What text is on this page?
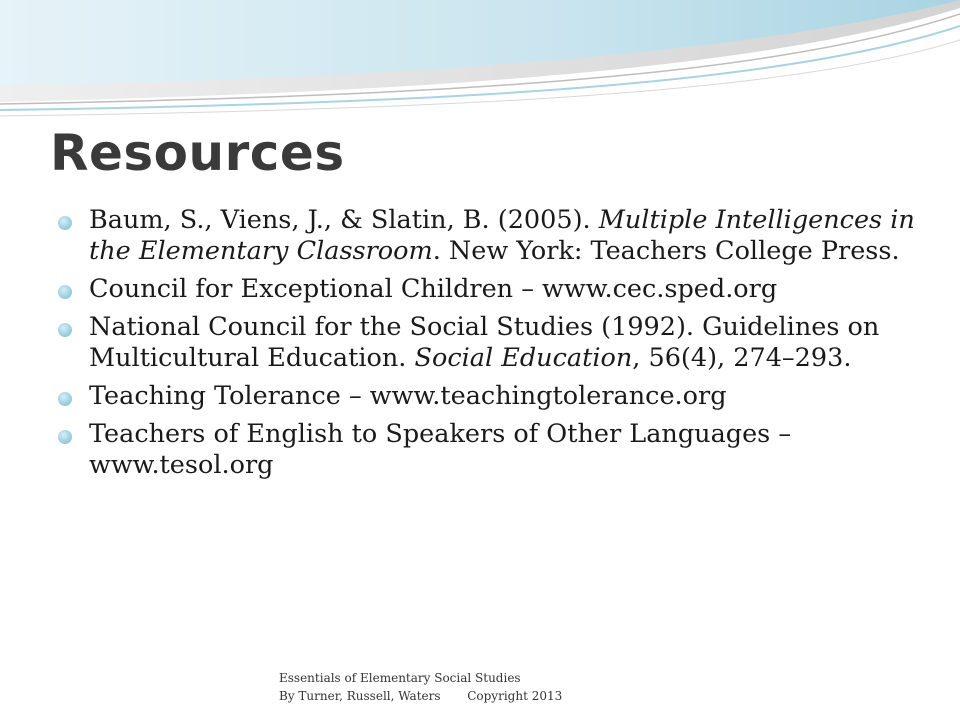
Resources
Baum, S., Viens, J., & Slatin, B. (2005). Multiple Intelligences in the Elementary Classroom. New York: Teachers College Press.
Council for Exceptional Children – www.cec.sped.org
National Council for the Social Studies (1992). Guidelines on Multicultural Education. Social Education, 56(4), 274–293.
Teaching Tolerance – www.teachingtolerance.org
Teachers of English to Speakers of Other Languages – www.tesol.org
Essentials of Elementary Social Studies
By Turner, Russell, Waters Copyright 2013
